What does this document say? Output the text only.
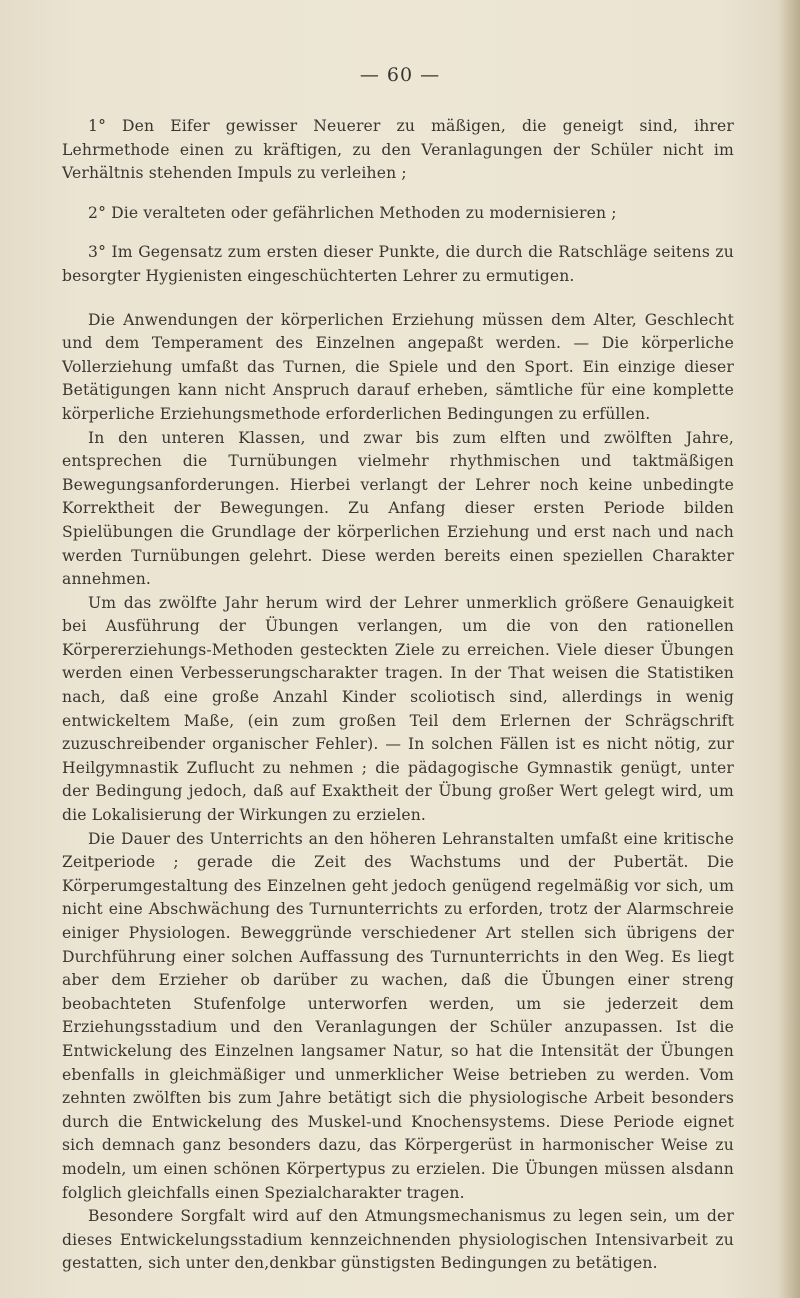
— 60 —

1° Den Eifer gewisser Neuerer zu mäßigen, die geneigt sind, ihrer Lehrmethode einen zu kräftigen, zu den Veranlagungen der Schüler nicht im Verhältnis stehenden Impuls zu verleihen ;

2° Die veralteten oder gefährlichen Methoden zu modernisieren ;

3° Im Gegensatz zum ersten dieser Punkte, die durch die Ratschläge seitens zu besorgter Hygienisten eingeschüchterten Lehrer zu ermutigen.

Die Anwendungen der körperlichen Erziehung müssen dem Alter, Geschlecht und dem Temperament des Einzelnen angepaßt werden. — Die körperliche Vollerziehung umfaßt das Turnen, die Spiele und den Sport. Ein einzige dieser Betätigungen kann nicht Anspruch darauf erheben, sämtliche für eine komplette körperliche Erziehungsmethode erforderlichen Bedingungen zu erfüllen.

In den unteren Klassen, und zwar bis zum elften und zwölften Jahre, entsprechen die Turnübungen vielmehr rhythmischen und taktmäßigen Bewegungsanforderungen. Hierbei verlangt der Lehrer noch keine unbedingte Korrektheit der Bewegungen. Zu Anfang dieser ersten Periode bilden Spielübungen die Grundlage der körperlichen Erziehung und erst nach und nach werden Turnübungen gelehrt. Diese werden bereits einen speziellen Charakter annehmen.

Um das zwölfte Jahr herum wird der Lehrer unmerklich größere Genauigkeit bei Ausführung der Übungen verlangen, um die von den rationellen Körpererziehungs-Methoden gesteckten Ziele zu erreichen. Viele dieser Übungen werden einen Verbesserungscharakter tragen. In der That weisen die Statistiken nach, daß eine große Anzahl Kinder scoliotisch sind, allerdings in wenig entwickeltem Maße, (ein zum großen Teil dem Erlernen der Schrägschrift zuzuschreibender organischer Fehler). — In solchen Fällen ist es nicht nötig, zur Heilgymnastik Zuflucht zu nehmen ; die pädagogische Gymnastik genügt, unter der Bedingung jedoch, daß auf Exaktheit der Übung großer Wert gelegt wird, um die Lokalisierung der Wirkungen zu erzielen.

Die Dauer des Unterrichts an den höheren Lehranstalten umfaßt eine kritische Zeitperiode ; gerade die Zeit des Wachstums und der Pubertät. Die Körperumgestaltung des Einzelnen geht jedoch genügend regelmäßig vor sich, um nicht eine Abschwächung des Turnunterrichts zu erforden, trotz der Alarmschreie einiger Physiologen. Beweggründe verschiedener Art stellen sich übrigens der Durchführung einer solchen Auffassung des Turnunterrichts in den Weg. Es liegt aber dem Erzieher ob darüber zu wachen, daß die Übungen einer streng beobachteten Stufenfolge unterworfen werden, um sie jederzeit dem Erziehungsstadium und den Veranlagungen der Schüler anzupassen. Ist die Entwickelung des Einzelnen langsamer Natur, so hat die Intensität der Übungen ebenfalls in gleichmäßiger und unmerklicher Weise betrieben zu werden. Vom zehnten zwölften bis zum Jahre betätigt sich die physiologische Arbeit besonders durch die Entwickelung des Muskel-und Knochensystems. Diese Periode eignet sich demnach ganz besonders dazu, das Körpergerüst in harmonischer Weise zu modeln, um einen schönen Körpertypus zu erzielen. Die Übungen müssen alsdann folglich gleichfalls einen Spezialcharakter tragen.

Besondere Sorgfalt wird auf den Atmungsmechanismus zu legen sein, um der dieses Entwickelungsstadium kennzeichnenden physiologischen Intensivarbeit zu gestatten, sich unter den,denkbar günstigsten Bedingungen zu betätigen.
